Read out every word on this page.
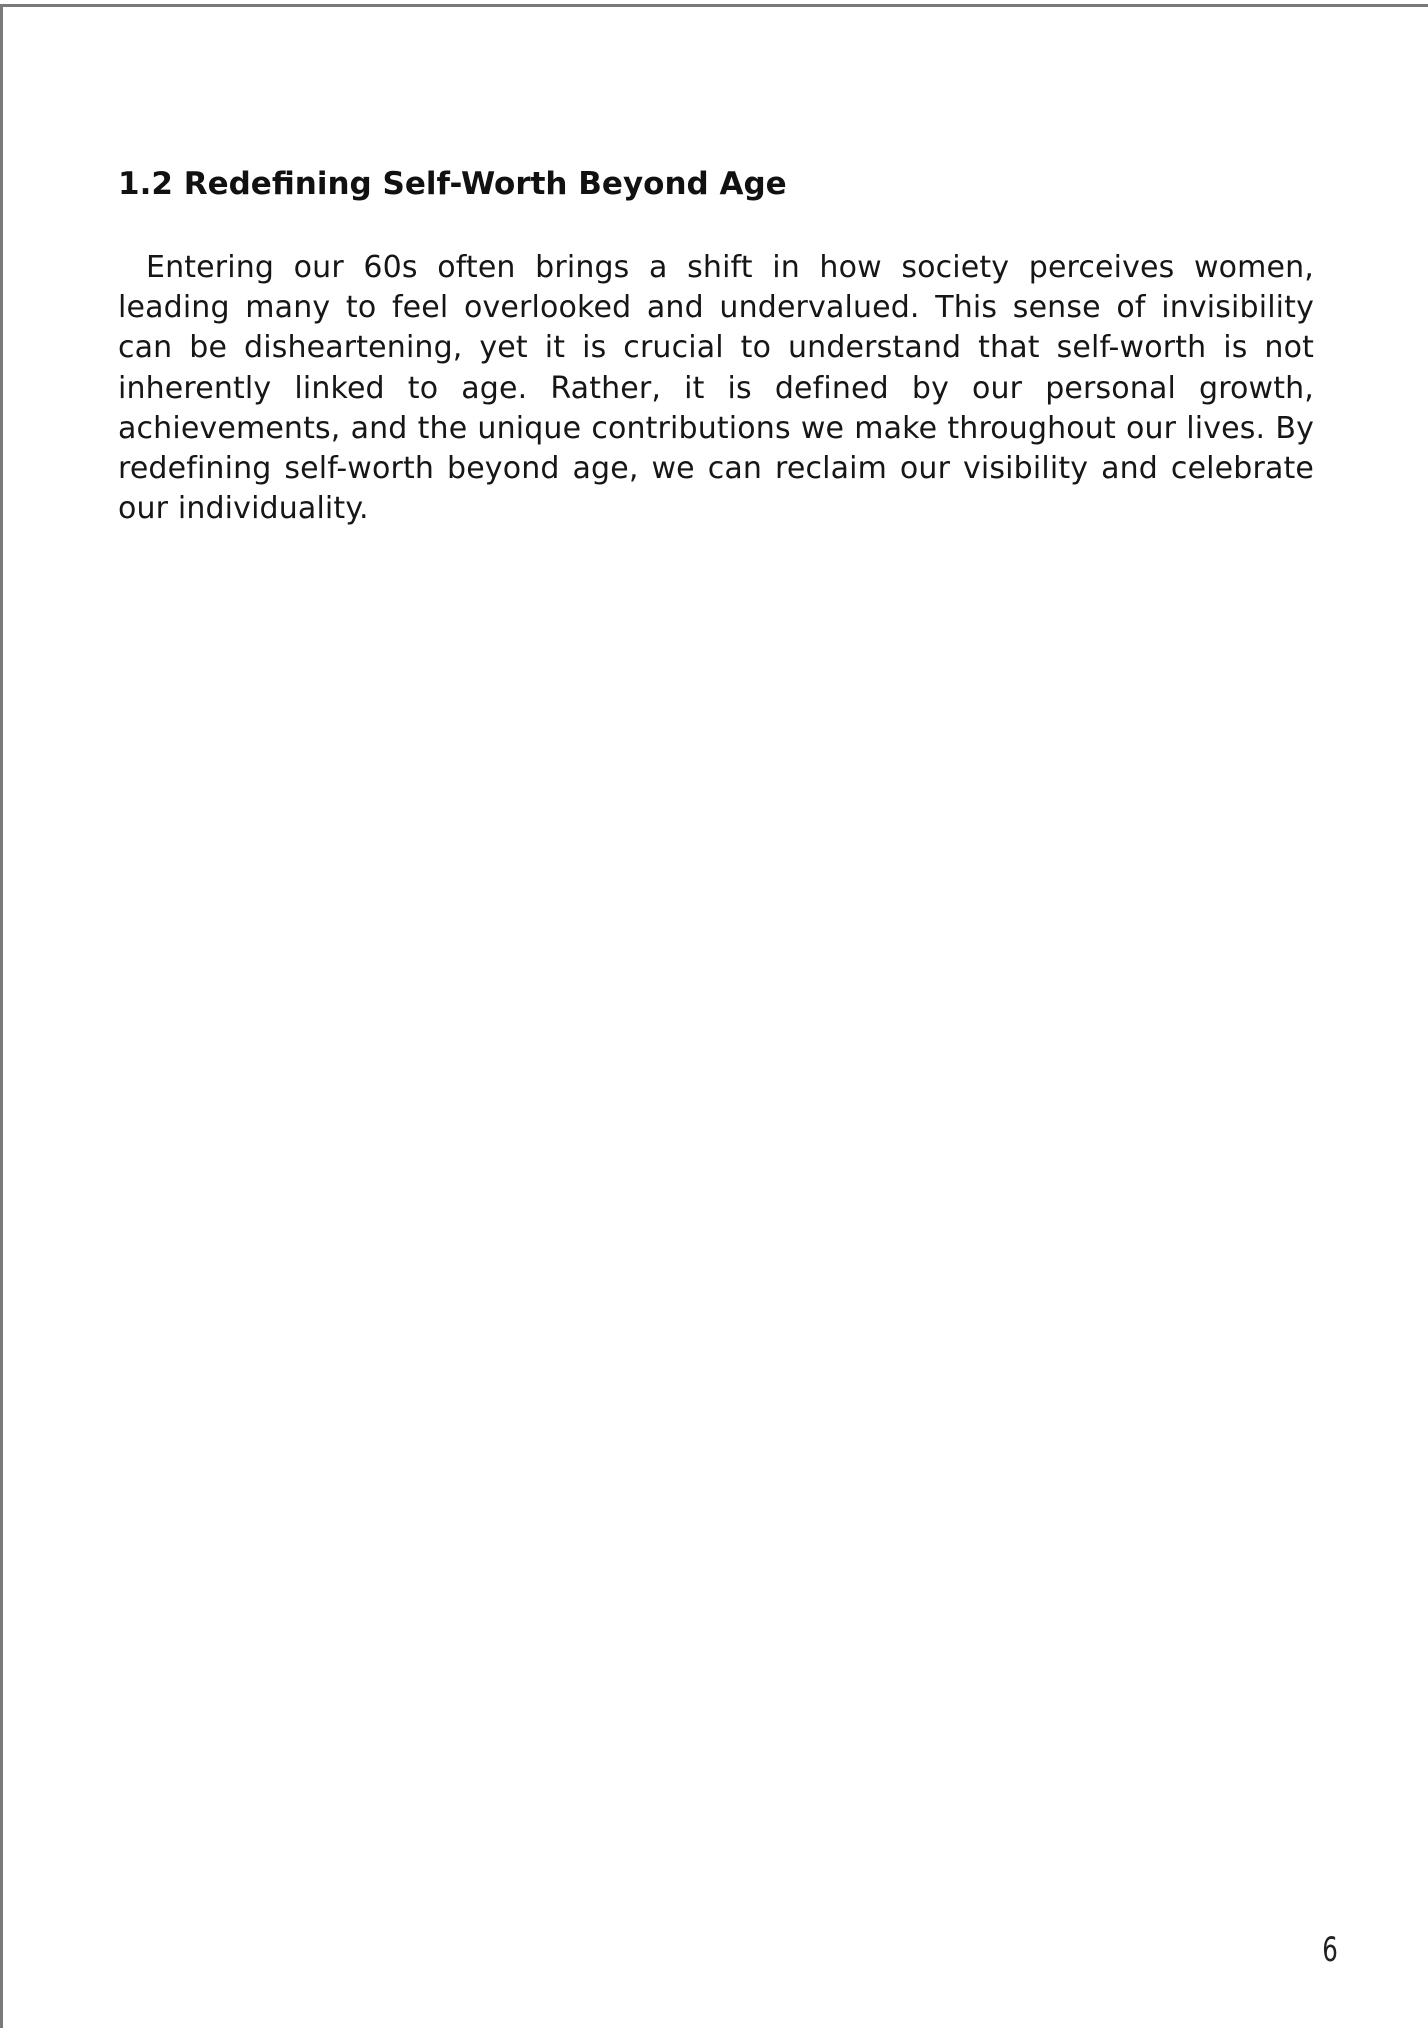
1.2 Redefining Self-Worth Beyond Age

Entering our 60s often brings a shift in how society perceives women, leading many to feel overlooked and undervalued. This sense of invisibility can be disheartening, yet it is crucial to understand that self-worth is not inherently linked to age. Rather, it is defined by our personal growth, achievements, and the unique contributions we make throughout our lives. By redefining self-worth beyond age, we can reclaim our visibility and celebrate our individuality.

6
